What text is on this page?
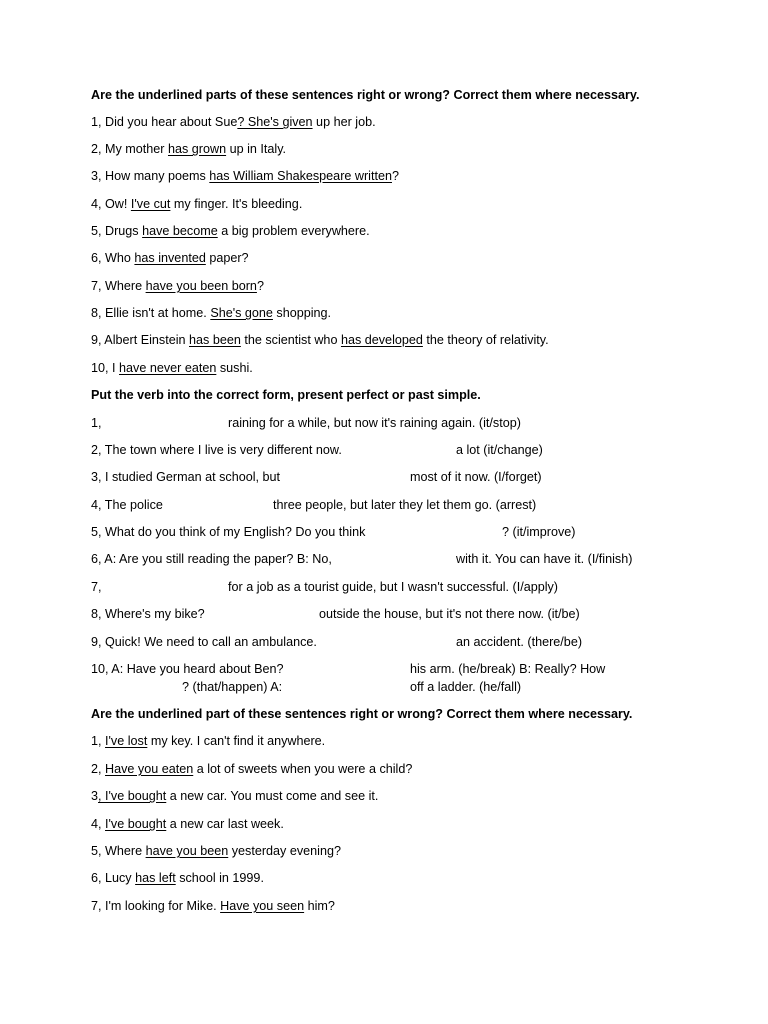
Are the underlined parts of these sentences right or wrong? Correct them where necessary.
1, Did you hear about Sue? She's given up her job.
2, My mother has grown up in Italy.
3, How many poems has William Shakespeare written?
4, Ow! I've cut my finger. It's bleeding.
5, Drugs have become a big problem everywhere.
6, Who has invented paper?
7, Where have you been born?
8, Ellie isn't at home. She's gone shopping.
9, Albert Einstein has been the scientist who has developed the theory of relativity.
10, I have never eaten sushi.
Put the verb into the correct form, present perfect or past simple.
1,	raining for a while, but now it's raining again. (it/stop)
2, The town where I live is very different now.	a lot (it/change)
3, I studied German at school, but	most of it now. (I/forget)
4, The police	three people, but later they let them go. (arrest)
5, What do you think of my English? Do you think	? (it/improve)
6, A: Are you still reading the paper? B: No,	with it. You can have it. (I/finish)
7,	for a job as a tourist guide, but I wasn't successful. (I/apply)
8, Where's my bike?	outside the house, but it's not there now. (it/be)
9, Quick! We need to call an ambulance.	an accident. (there/be)
10, A: Have you heard about Ben?	his arm. (he/break) B: Really? How
? (that/happen) A:	off a ladder. (he/fall)
Are the underlined part of these sentences right or wrong? Correct them where necessary.
1, I've lost my key. I can't find it anywhere.
2, Have you eaten a lot of sweets when you were a child?
3, I've bought a new car. You must come and see it.
4, I've bought a new car last week.
5, Where have you been yesterday evening?
6, Lucy has left school in 1999.
7, I'm looking for Mike. Have you seen him?
